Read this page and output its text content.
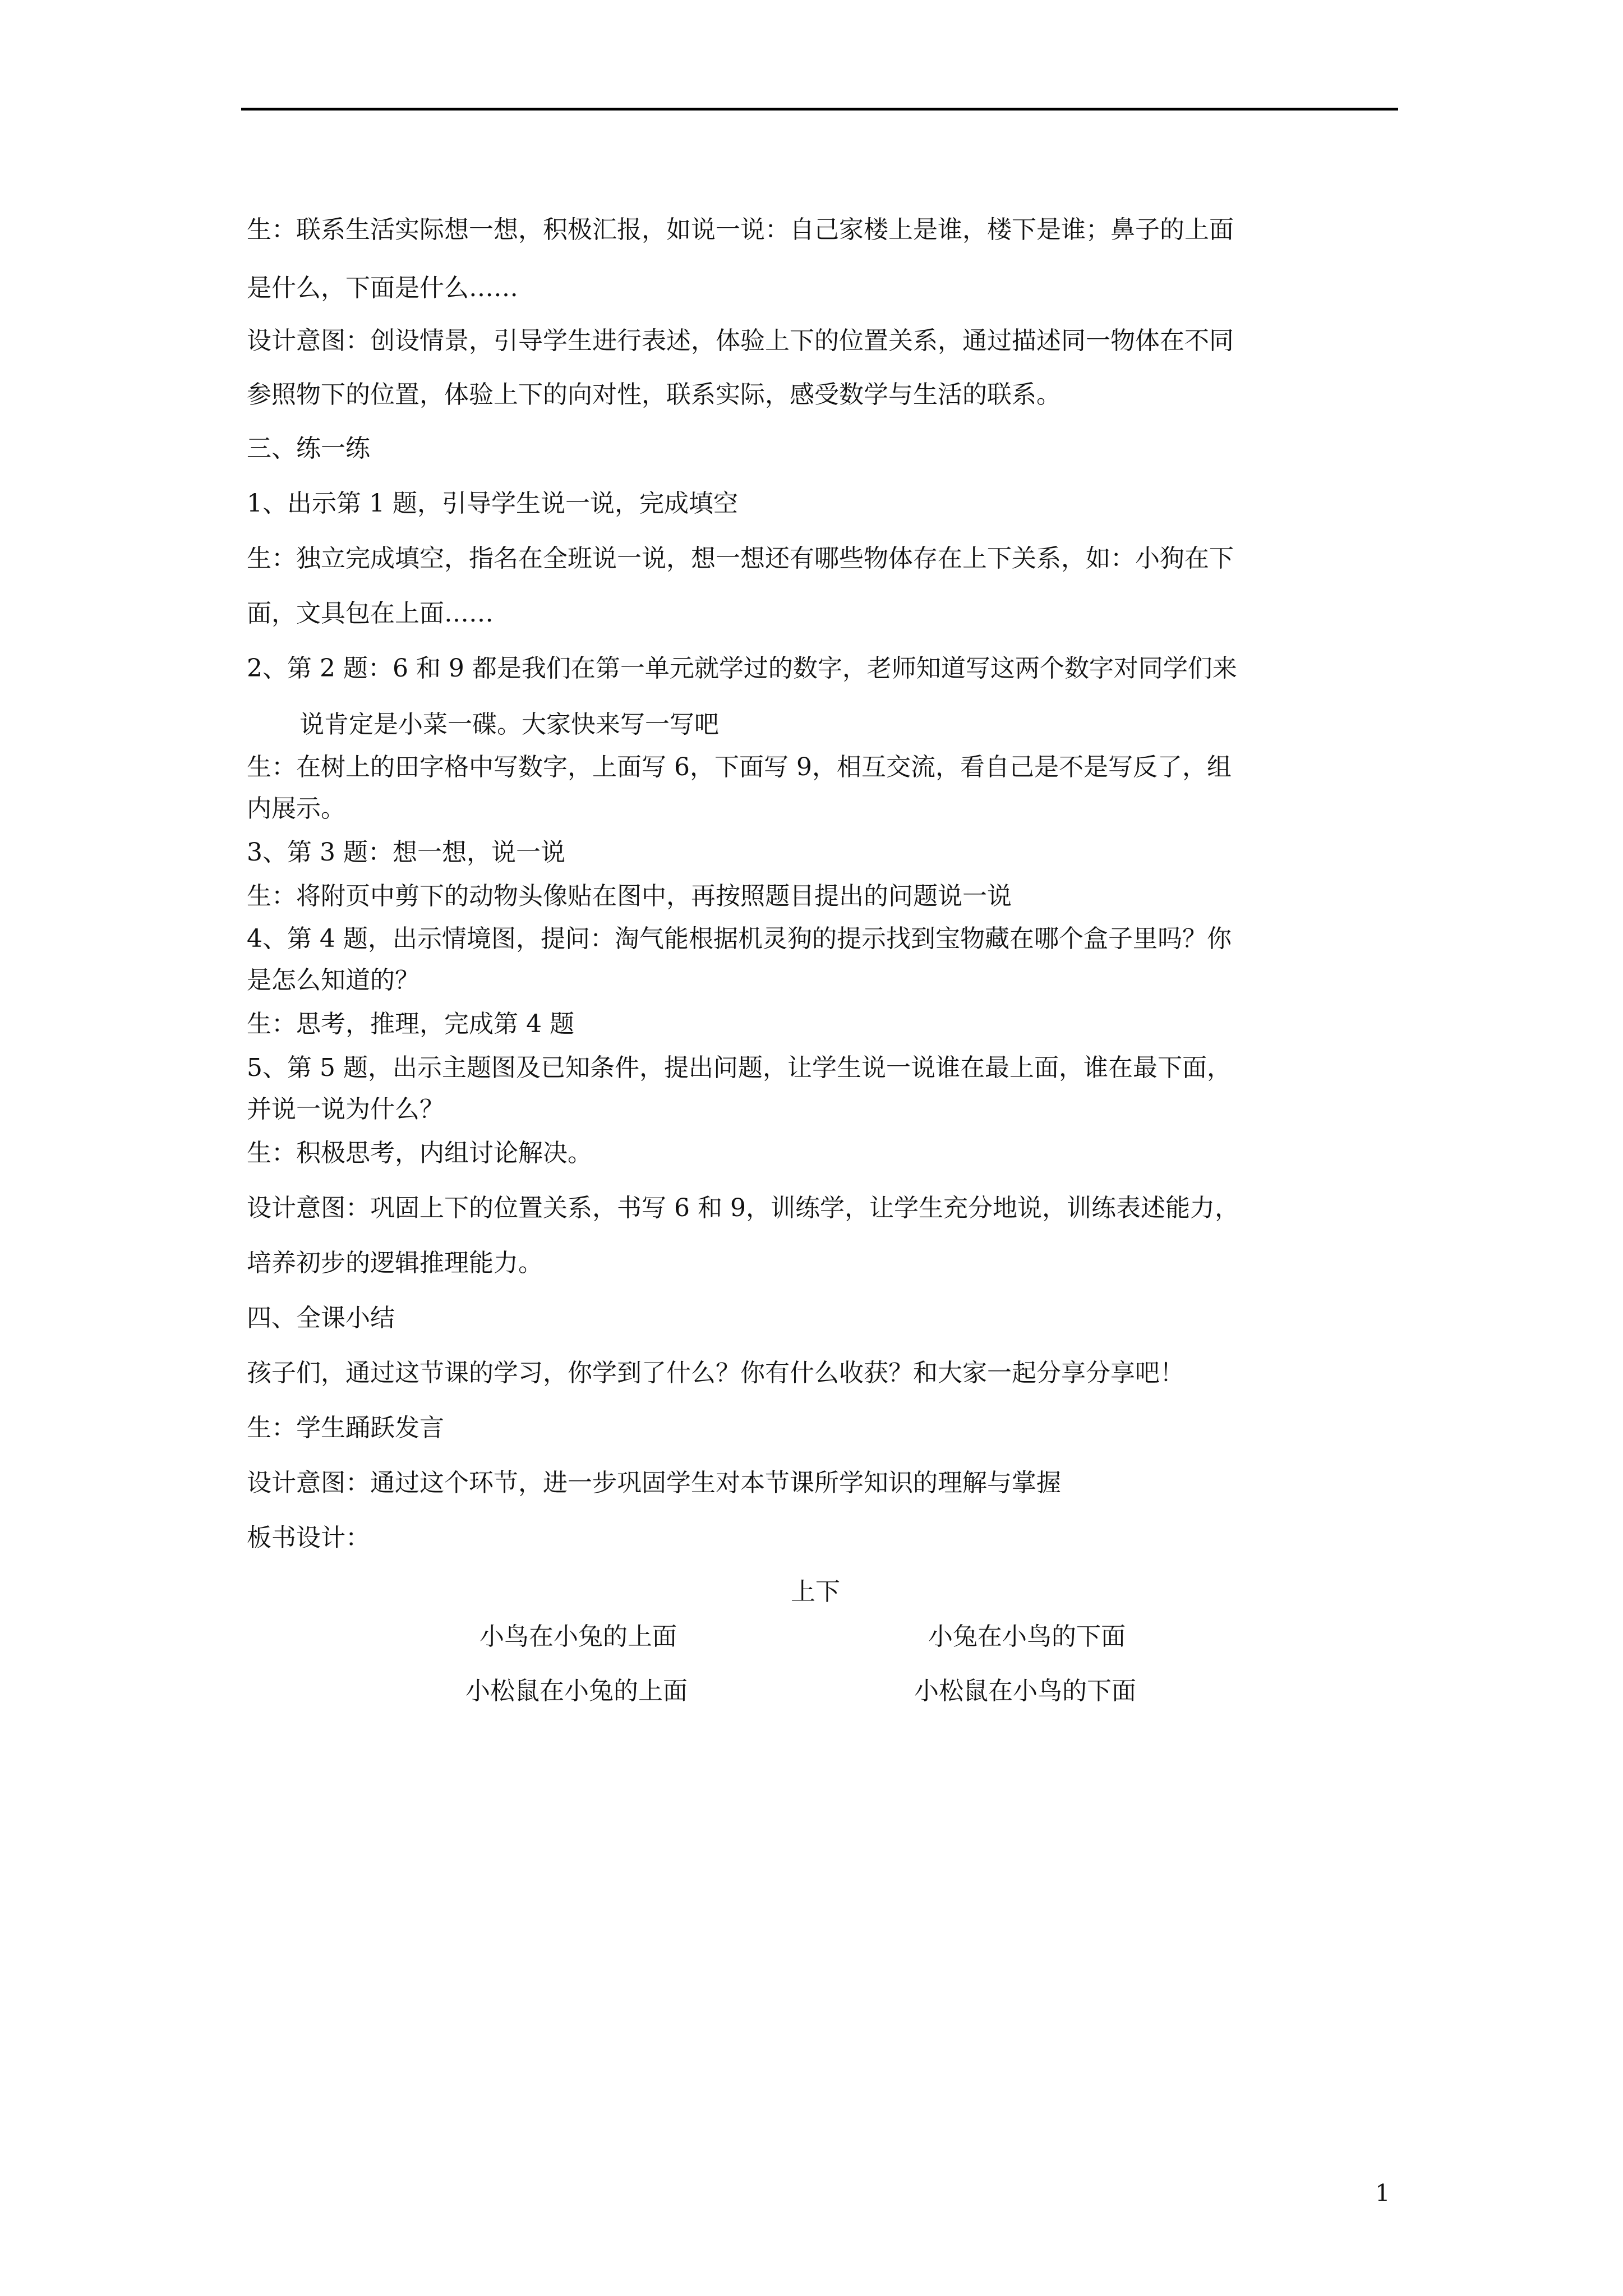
生：联系生活实际想一想，积极汇报，如说一说：自己家楼上是谁，楼下是谁；鼻子的上面
是什么，下面是什么……
设计意图：创设情景，引导学生进行表述，体验上下的位置关系，通过描述同一物体在不同
参照物下的位置，体验上下的向对性，联系实际，感受数学与生活的联系。
三、练一练
1、出示第 1 题，引导学生说一说，完成填空
生：独立完成填空，指名在全班说一说，想一想还有哪些物体存在上下关系，如：小狗在下
面，文具包在上面……
2、第 2 题：6 和 9 都是我们在第一单元就学过的数字，老师知道写这两个数字对同学们来
说肯定是小菜一碟。大家快来写一写吧
生：在树上的田字格中写数字，上面写 6，下面写 9，相互交流，看自己是不是写反了，组
内展示。
3、第 3 题：想一想，说一说
生：将附页中剪下的动物头像贴在图中，再按照题目提出的问题说一说
4、第 4 题，出示情境图，提问：淘气能根据机灵狗的提示找到宝物藏在哪个盒子里吗？你
是怎么知道的？
生：思考，推理，完成第 4 题
5、第 5 题，出示主题图及已知条件，提出问题，让学生说一说谁在最上面，谁在最下面，
并说一说为什么？
生：积极思考，内组讨论解决。
设计意图：巩固上下的位置关系，书写 6 和 9，训练学，让学生充分地说，训练表述能力，
培养初步的逻辑推理能力。
四、全课小结
孩子们，通过这节课的学习，你学到了什么？你有什么收获？和大家一起分享分享吧！
生：学生踊跃发言
设计意图：通过这个环节，进一步巩固学生对本节课所学知识的理解与掌握
板书设计：
上下
小鸟在小兔的上面	小兔在小鸟的下面
小松鼠在小兔的上面	小松鼠在小鸟的下面
1
